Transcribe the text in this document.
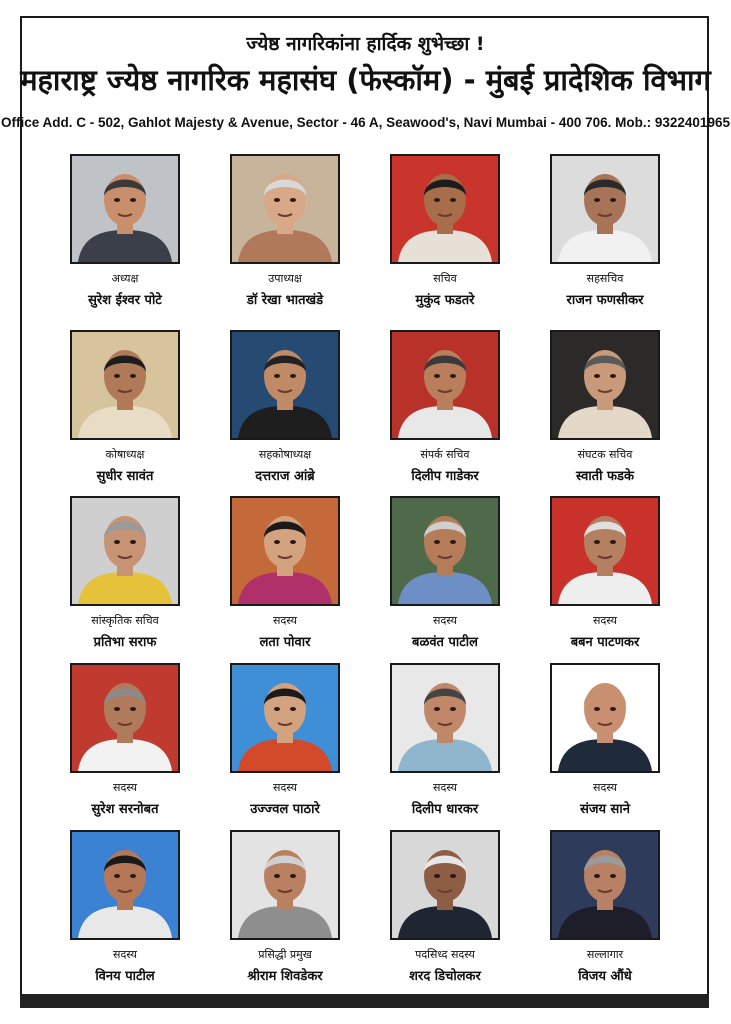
ज्येष्ठ नागरिकांना हार्दिक शुभेच्छा !
महाराष्ट्र ज्येष्ठ नागरिक महासंघ (फेस्कॉम) - मुंबई प्रादेशिक विभाग
Office Add. C - 502, Gahlot Majesty & Avenue, Sector - 46 A, Seawood's, Navi Mumbai - 400 706. Mob.: 9322401965
अध्यक्ष
सुरेश ईश्वर पोटे
उपाध्यक्ष
डॉ रेखा भातखंडे
सचिव
मुकुंद फडतरे
सहसचिव
राजन फणसीकर
कोषाध्यक्ष
सुधीर सावंत
सहकोषाध्यक्ष
दत्तराज आंब्रे
संपर्क सचिव
दिलीप गाडेकर
संघटक सचिव
स्वाती फडके
सांस्कृतिक सचिव
प्रतिभा सराफ
सदस्य
लता पोवार
सदस्य
बळवंत पाटील
सदस्य
बबन पाटणकर
सदस्य
सुरेश सरनोबत
सदस्य
उज्ज्वल पाठारे
सदस्य
दिलीप धारकर
सदस्य
संजय साने
सदस्य
विनय पाटील
प्रसिद्धी प्रमुख
श्रीराम शिवडेकर
पदसिध्द सदस्य
शरद डिचोलकर
सल्लागार
विजय औंधे
